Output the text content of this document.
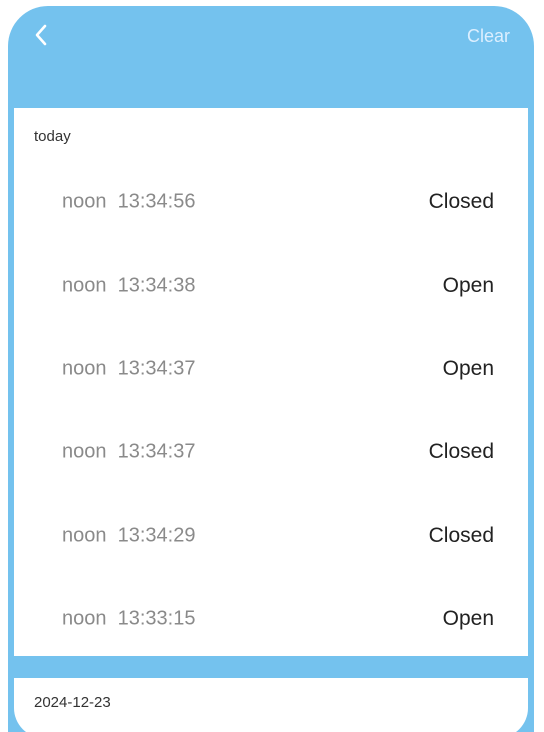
Clear
today
noon 13:34:56	Closed
noon 13:34:38	Open
noon 13:34:37	Open
noon 13:34:37	Closed
noon 13:34:29	Closed
noon 13:33:15	Open
2024-12-23
